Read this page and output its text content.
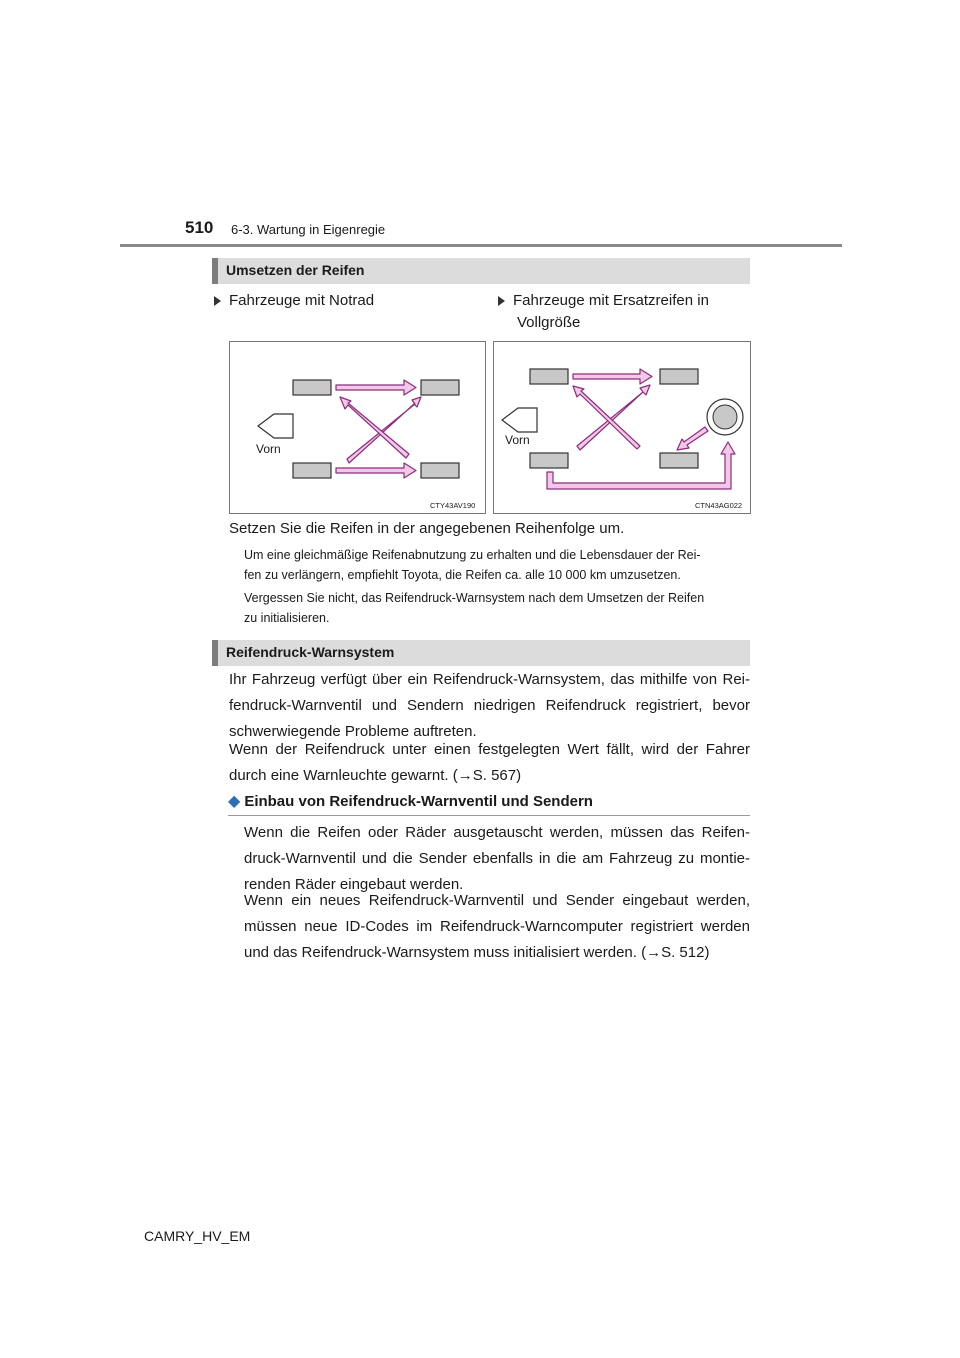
510 6-3. Wartung in Eigenregie
Umsetzen der Reifen
Fahrzeuge mit Notrad	Fahrzeuge mit Ersatzreifen in
Vollgröße
Vorn
CTY43AV190
Vorn
CTN43AG022
Setzen Sie die Reifen in der angegebenen Reihenfolge um.
Um eine gleichmäßige Reifenabnutzung zu erhalten und die Lebensdauer der Rei-
fen zu verlängern, empfiehlt Toyota, die Reifen ca. alle 10 000 km umzusetzen.
Vergessen Sie nicht, das Reifendruck-Warnsystem nach dem Umsetzen der Reifen
zu initialisieren.
Reifendruck-Warnsystem
Ihr Fahrzeug verfügt über ein Reifendruck-Warnsystem, das mithilfe von Rei-
fendruck-Warnventil und Sendern niedrigen Reifendruck registriert, bevor
schwerwiegende Probleme auftreten.
Wenn der Reifendruck unter einen festgelegten Wert fällt, wird der Fahrer
durch eine Warnleuchte gewarnt. (→S. 567)
◆ Einbau von Reifendruck-Warnventil und Sendern
Wenn die Reifen oder Räder ausgetauscht werden, müssen das Reifen-
druck-Warnventil und die Sender ebenfalls in die am Fahrzeug zu montie-
renden Räder eingebaut werden.
Wenn ein neues Reifendruck-Warnventil und Sender eingebaut werden,
müssen neue ID-Codes im Reifendruck-Warncomputer registriert werden
und das Reifendruck-Warnsystem muss initialisiert werden. (→S. 512)
CAMRY_HV_EM
